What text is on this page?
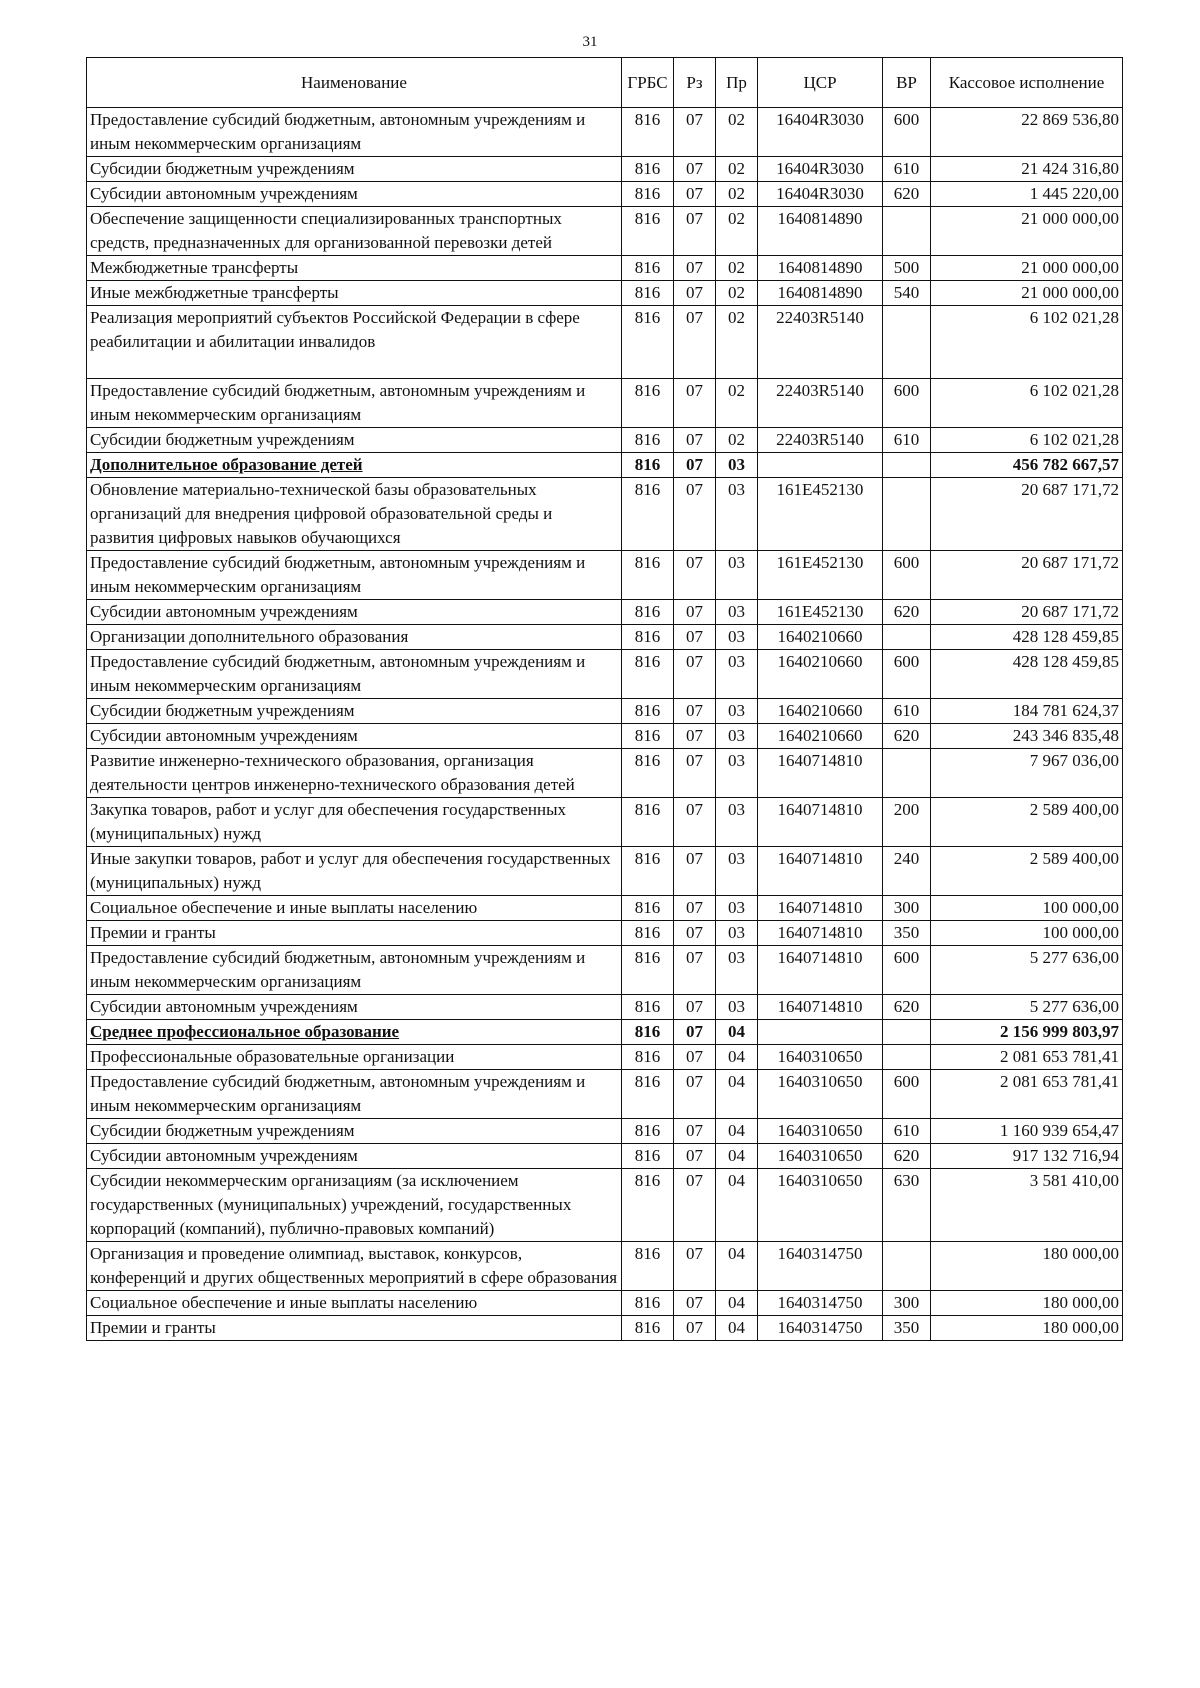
31
Наименование	ГРБС	Рз	Пр	ЦСР	ВР	Кассовое исполнение
Предоставление субсидий бюджетным, автономным учреждениям и иным некоммерческим организациям	816	07	02	16404R3030	600	22 869 536,80
Субсидии бюджетным учреждениям	816	07	02	16404R3030	610	21 424 316,80
Субсидии автономным учреждениям	816	07	02	16404R3030	620	1 445 220,00
Обеспечение защищенности специализированных транспортных средств, предназначенных для организованной перевозки детей	816	07	02	1640814890		21 000 000,00
Межбюджетные трансферты	816	07	02	1640814890	500	21 000 000,00
Иные межбюджетные трансферты	816	07	02	1640814890	540	21 000 000,00
Реализация мероприятий субъектов Российской Федерации в сфере реабилитации и абилитации инвалидов	816	07	02	22403R5140		6 102 021,28
Предоставление субсидий бюджетным, автономным учреждениям и иным некоммерческим организациям	816	07	02	22403R5140	600	6 102 021,28
Субсидии бюджетным учреждениям	816	07	02	22403R5140	610	6 102 021,28
Дополнительное образование детей	816	07	03			456 782 667,57
Обновление материально-технической базы образовательных организаций для внедрения цифровой образовательной среды и развития цифровых навыков обучающихся	816	07	03	161E452130		20 687 171,72
Предоставление субсидий бюджетным, автономным учреждениям и иным некоммерческим организациям	816	07	03	161E452130	600	20 687 171,72
Субсидии автономным учреждениям	816	07	03	161E452130	620	20 687 171,72
Организации дополнительного образования	816	07	03	1640210660		428 128 459,85
Предоставление субсидий бюджетным, автономным учреждениям и иным некоммерческим организациям	816	07	03	1640210660	600	428 128 459,85
Субсидии бюджетным учреждениям	816	07	03	1640210660	610	184 781 624,37
Субсидии автономным учреждениям	816	07	03	1640210660	620	243 346 835,48
Развитие инженерно-технического образования, организация деятельности центров инженерно-технического образования детей	816	07	03	1640714810		7 967 036,00
Закупка товаров, работ и услуг для обеспечения государственных (муниципальных) нужд	816	07	03	1640714810	200	2 589 400,00
Иные закупки товаров, работ и услуг для обеспечения государственных (муниципальных) нужд	816	07	03	1640714810	240	2 589 400,00
Социальное обеспечение и иные выплаты населению	816	07	03	1640714810	300	100 000,00
Премии и гранты	816	07	03	1640714810	350	100 000,00
Предоставление субсидий бюджетным, автономным учреждениям и иным некоммерческим организациям	816	07	03	1640714810	600	5 277 636,00
Субсидии автономным учреждениям	816	07	03	1640714810	620	5 277 636,00
Среднее профессиональное образование	816	07	04			2 156 999 803,97
Профессиональные образовательные организации	816	07	04	1640310650		2 081 653 781,41
Предоставление субсидий бюджетным, автономным учреждениям и иным некоммерческим организациям	816	07	04	1640310650	600	2 081 653 781,41
Субсидии бюджетным учреждениям	816	07	04	1640310650	610	1 160 939 654,47
Субсидии автономным учреждениям	816	07	04	1640310650	620	917 132 716,94
Субсидии некоммерческим организациям (за исключением государственных (муниципальных) учреждений, государственных корпораций (компаний), публично-правовых компаний)	816	07	04	1640310650	630	3 581 410,00
Организация и проведение олимпиад, выставок, конкурсов, конференций и других общественных мероприятий в сфере образования	816	07	04	1640314750		180 000,00
Социальное обеспечение и иные выплаты населению	816	07	04	1640314750	300	180 000,00
Премии и гранты	816	07	04	1640314750	350	180 000,00
